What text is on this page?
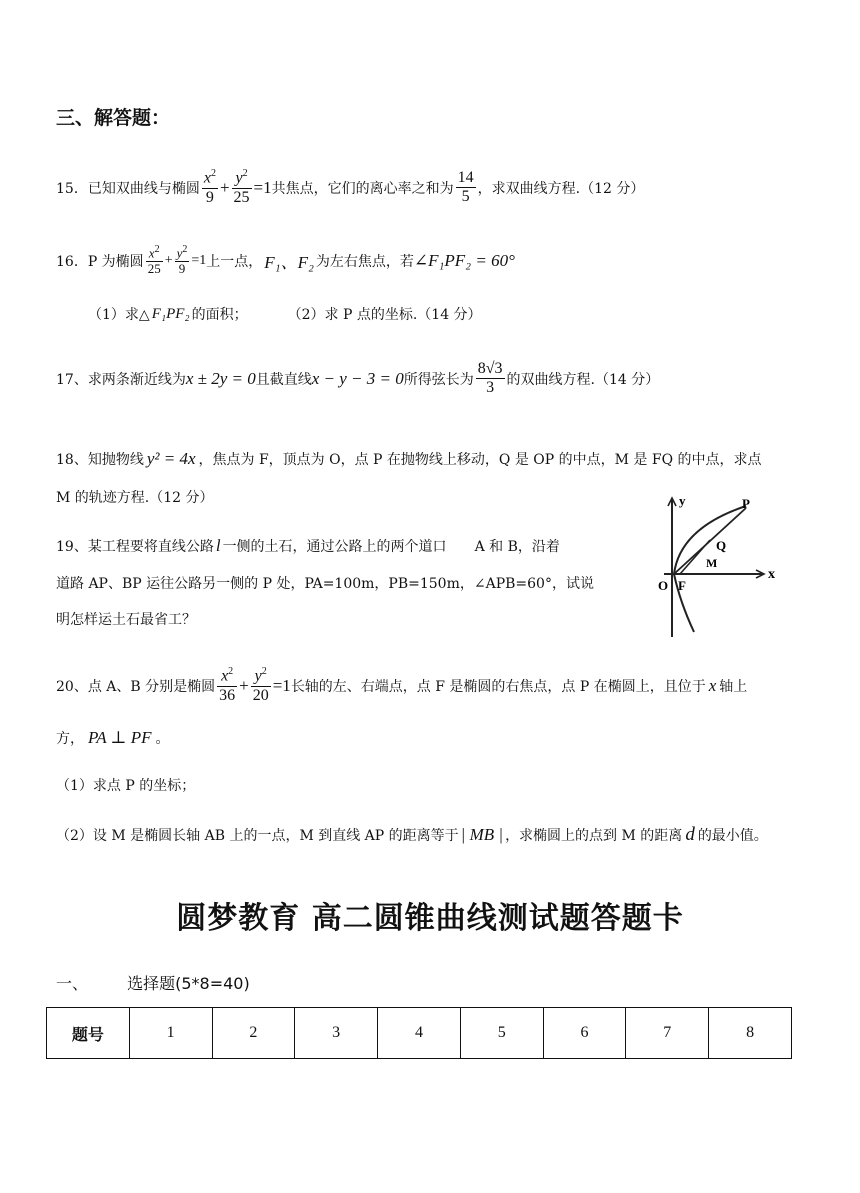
三、解答题：
15．已知双曲线与椭圆 $\frac{x^2}{9} + \frac{y^2}{25} =1$ 共焦点，它们的离心率之和为 $\frac{14}{5}$ ，求双曲线方程.（12 分）
16．P 为椭圆 $\frac{x^2}{25} + \frac{y^2}{9} =1$ 上一点， F₁、F₂ 为左右焦点，若 ∠F₁PF₂ = 60°
（1）求△ F₁PF₂ 的面积；	（2）求 P 点的坐标.（14 分）
17、求两条渐近线为 x ± 2y = 0 且截直线 x − y − 3 = 0 所得弦长为 $\frac{8√3}{3}$ 的双曲线方程.（14 分）
18、知抛物线 y² = 4x ，焦点为 F，顶点为 O，点 P 在抛物线上移动，Q 是 OP 的中点，M 是 FQ 的中点，求点
M 的轨迹方程.（12 分）	y
x
P
Q
M
O F
19、某工程要将直线公路 l 一侧的土石，通过公路上的两个道口 A 和 B，沿着
道路 AP、BP 运往公路另一侧的 P 处，PA=100m，PB=150m，∠APB=60°，试说
明怎样运土石最省工？
20、点 A、B 分别是椭圆 $\frac{x^2}{36} + \frac{y^2}{20} =1$ 长轴的左、右端点，点 F 是椭圆的右焦点，点 P 在椭圆上，且位于 x 轴上
方， PA ⊥ PF 。
（1）求点 P 的坐标；
（2）设 M 是椭圆长轴 AB 上的一点，M 到直线 AP 的距离等于 | MB | ，求椭圆上的点到 M 的距离 d 的最小值。
圆梦教育 高二圆锥曲线测试题答题卡
一、 选择题(5*8=40)
题号	1	2	3	4	5	6	7	8
